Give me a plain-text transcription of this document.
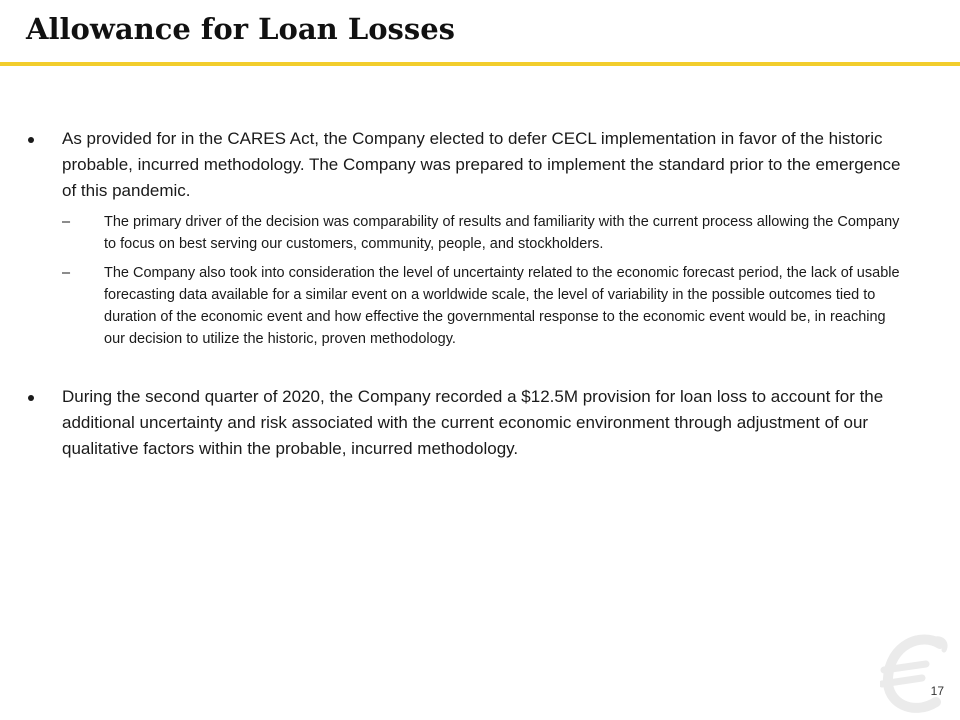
Allowance for Loan Losses
As provided for in the CARES Act, the Company elected to defer CECL implementation in favor of the historic probable, incurred methodology. The Company was prepared to implement the standard prior to the emergence of this pandemic.
– The primary driver of the decision was comparability of results and familiarity with the current process allowing the Company to focus on best serving our customers, community, people, and stockholders.
– The Company also took into consideration the level of uncertainty related to the economic forecast period, the lack of usable forecasting data available for a similar event on a worldwide scale, the level of variability in the possible outcomes tied to duration of the economic event and how effective the governmental response to the economic event would be, in reaching our decision to utilize the historic, proven methodology.
During the second quarter of 2020, the Company recorded a $12.5M provision for loan loss to account for the additional uncertainty and risk associated with the current economic environment through adjustment of our qualitative factors within the probable, incurred methodology.
17
